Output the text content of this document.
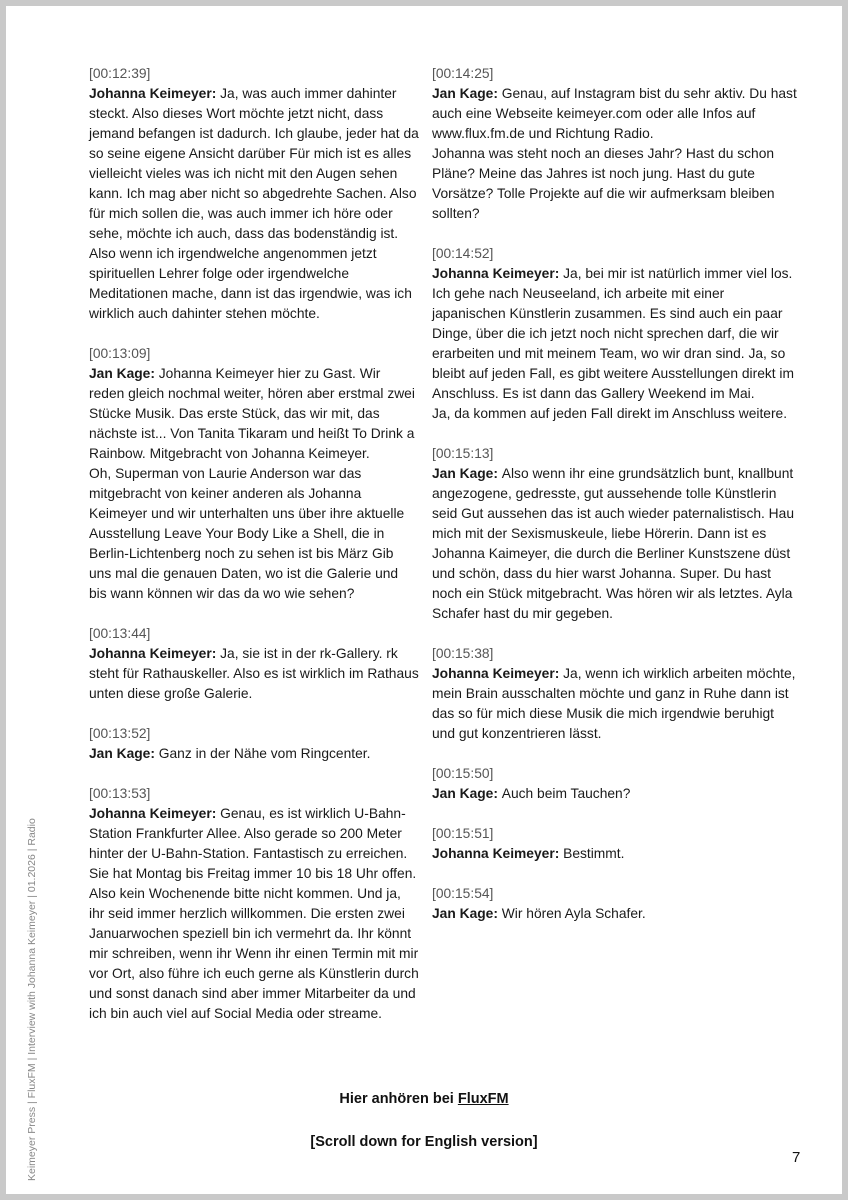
Keimeyer Press | FluxFM | Interview with Johanna Keimeyer | 01.2026 | Radio
[00:12:39]
Johanna Keimeyer: Ja, was auch immer dahinter steckt. Also dieses Wort möchte jetzt nicht, dass jemand befangen ist dadurch. Ich glaube, jeder hat da so seine eigene Ansicht darüber Für mich ist es alles vielleicht vieles was ich nicht mit den Augen sehen kann. Ich mag aber nicht so abgedrehte Sachen. Also für mich sollen die, was auch immer ich höre oder sehe, möchte ich auch, dass das bodenständig ist. Also wenn ich irgendwelche angenommen jetzt spirituellen Lehrer folge oder irgendwelche Meditationen mache, dann ist das irgendwie, was ich wirklich auch dahinter stehen möchte.
[00:13:09]
Jan Kage: Johanna Keimeyer hier zu Gast. Wir reden gleich nochmal weiter, hören aber erstmal zwei Stücke Musik. Das erste Stück, das wir mit, das nächste ist... Von Tanita Tikaram und heißt To Drink a Rainbow. Mitgebracht von Johanna Keimeyer.
Oh, Superman von Laurie Anderson war das mitgebracht von keiner anderen als Johanna Keimeyer und wir unterhalten uns über ihre aktuelle Ausstellung Leave Your Body Like a Shell, die in Berlin-Lichtenberg noch zu sehen ist bis März Gib uns mal die genauen Daten, wo ist die Galerie und bis wann können wir das da wo wie sehen?
[00:13:44]
Johanna Keimeyer: Ja, sie ist in der rk-Gallery. rk steht für Rathauskeller. Also es ist wirklich im Rathaus unten diese große Galerie.
[00:13:52]
Jan Kage: Ganz in der Nähe vom Ringcenter.
[00:13:53]
Johanna Keimeyer: Genau, es ist wirklich U-Bahn-Station Frankfurter Allee. Also gerade so 200 Meter hinter der U-Bahn-Station. Fantastisch zu erreichen. Sie hat Montag bis Freitag immer 10 bis 18 Uhr offen. Also kein Wochenende bitte nicht kommen. Und ja, ihr seid immer herzlich willkommen. Die ersten zwei Januarwochen speziell bin ich vermehrt da. Ihr könnt mir schreiben, wenn ihr Wenn ihr einen Termin mit mir vor Ort, also führe ich euch gerne als Künstlerin durch und sonst danach sind aber immer Mitarbeiter da und ich bin auch viel auf Social Media oder streame.
[00:14:25]
Jan Kage: Genau, auf Instagram bist du sehr aktiv. Du hast auch eine Webseite keimeyer.com oder alle Infos auf www.flux.fm.de und Richtung Radio.
Johanna was steht noch an dieses Jahr? Hast du schon Pläne? Meine das Jahres ist noch jung. Hast du gute Vorsätze? Tolle Projekte auf die wir aufmerksam bleiben sollten?
[00:14:52]
Johanna Keimeyer: Ja, bei mir ist natürlich immer viel los. Ich gehe nach Neuseeland, ich arbeite mit einer japanischen Künstlerin zusammen. Es sind auch ein paar Dinge, über die ich jetzt noch nicht sprechen darf, die wir erarbeiten und mit meinem Team, wo wir dran sind. Ja, so bleibt auf jeden Fall, es gibt weitere Ausstellungen direkt im Anschluss. Es ist dann das Gallery Weekend im Mai.
Ja, da kommen auf jeden Fall direkt im Anschluss weitere.
[00:15:13]
Jan Kage: Also wenn ihr eine grundsätzlich bunt, knallbunt angezogene, gedresste, gut aussehende tolle Künstlerin seid Gut aussehen das ist auch wieder paternalistisch. Hau mich mit der Sexismuskeule, liebe Hörerin. Dann ist es Johanna Kaimeyer, die durch die Berliner Kunstszene düst und schön, dass du hier warst Johanna. Super. Du hast noch ein Stück mitgebracht. Was hören wir als letztes. Ayla Schafer hast du mir gegeben.
[00:15:38]
Johanna Keimeyer: Ja, wenn ich wirklich arbeiten möchte, mein Brain ausschalten möchte und ganz in Ruhe dann ist das so für mich diese Musik die mich irgendwie beruhigt und gut konzentrieren lässt.
[00:15:50]
Jan Kage: Auch beim Tauchen?
[00:15:51]
Johanna Keimeyer: Bestimmt.
[00:15:54]
Jan Kage: Wir hören Ayla Schafer.
Hier anhören bei FluxFM
[Scroll down for English version]
7
